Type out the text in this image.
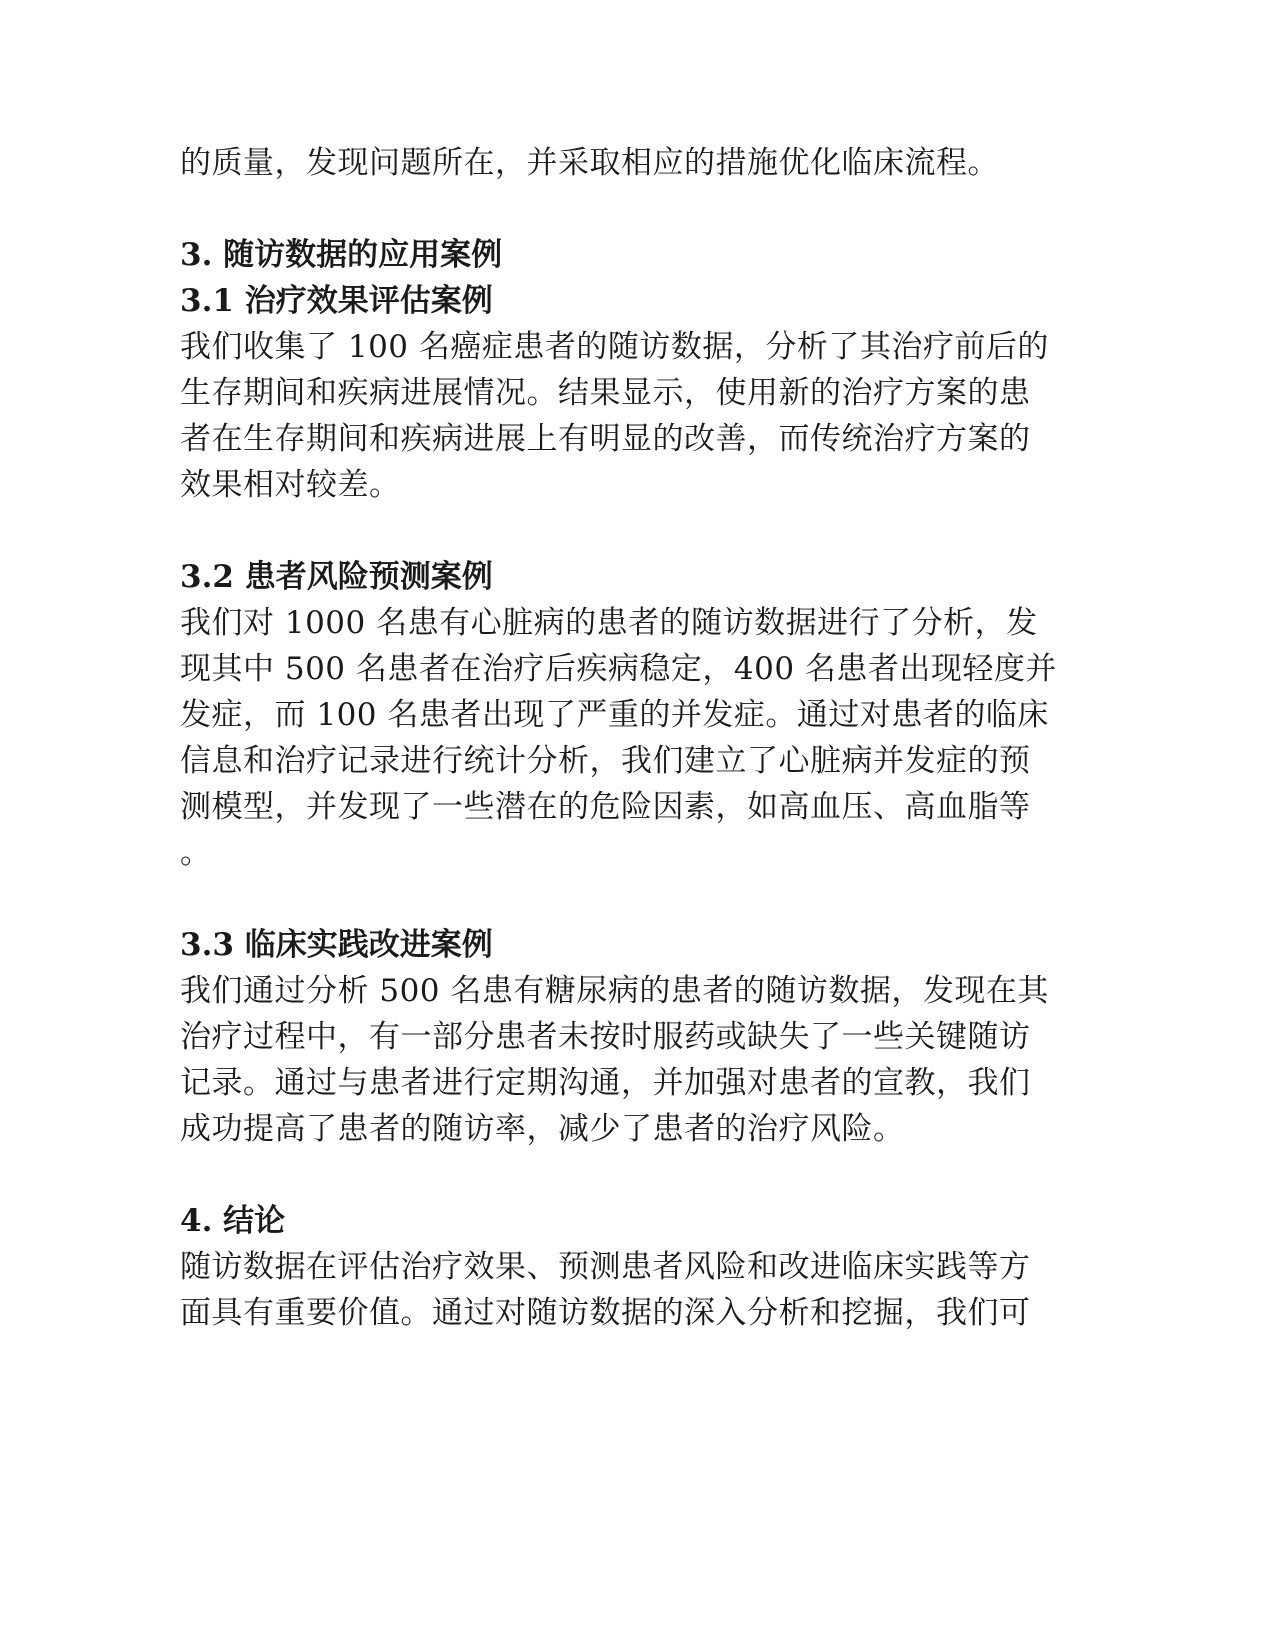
的质量，发现问题所在，并采取相应的措施优化临床流程。

3. 随访数据的应用案例
3.1 治疗效果评估案例

我们收集了 100 名癌症患者的随访数据，分析了其治疗前后的

生存期间和疾病进展情况。结果显示，使用新的治疗方案的患

者在生存期间和疾病进展上有明显的改善，而传统治疗方案的

效果相对较差。

3.2 患者风险预测案例

我们对 1000 名患有心脏病的患者的随访数据进行了分析，发

现其中 500 名患者在治疗后疾病稳定，400 名患者出现轻度并

发症，而 100 名患者出现了严重的并发症。通过对患者的临床

信息和治疗记录进行统计分析，我们建立了心脏病并发症的预

测模型，并发现了一些潜在的危险因素，如高血压、高血脂等

。

3.3 临床实践改进案例

我们通过分析 500 名患有糖尿病的患者的随访数据，发现在其

治疗过程中，有一部分患者未按时服药或缺失了一些关键随访

记录。通过与患者进行定期沟通，并加强对患者的宣教，我们

成功提高了患者的随访率，减少了患者的治疗风险。

4. 结论

随访数据在评估治疗效果、预测患者风险和改进临床实践等方

面具有重要价值。通过对随访数据的深入分析和挖掘，我们可
